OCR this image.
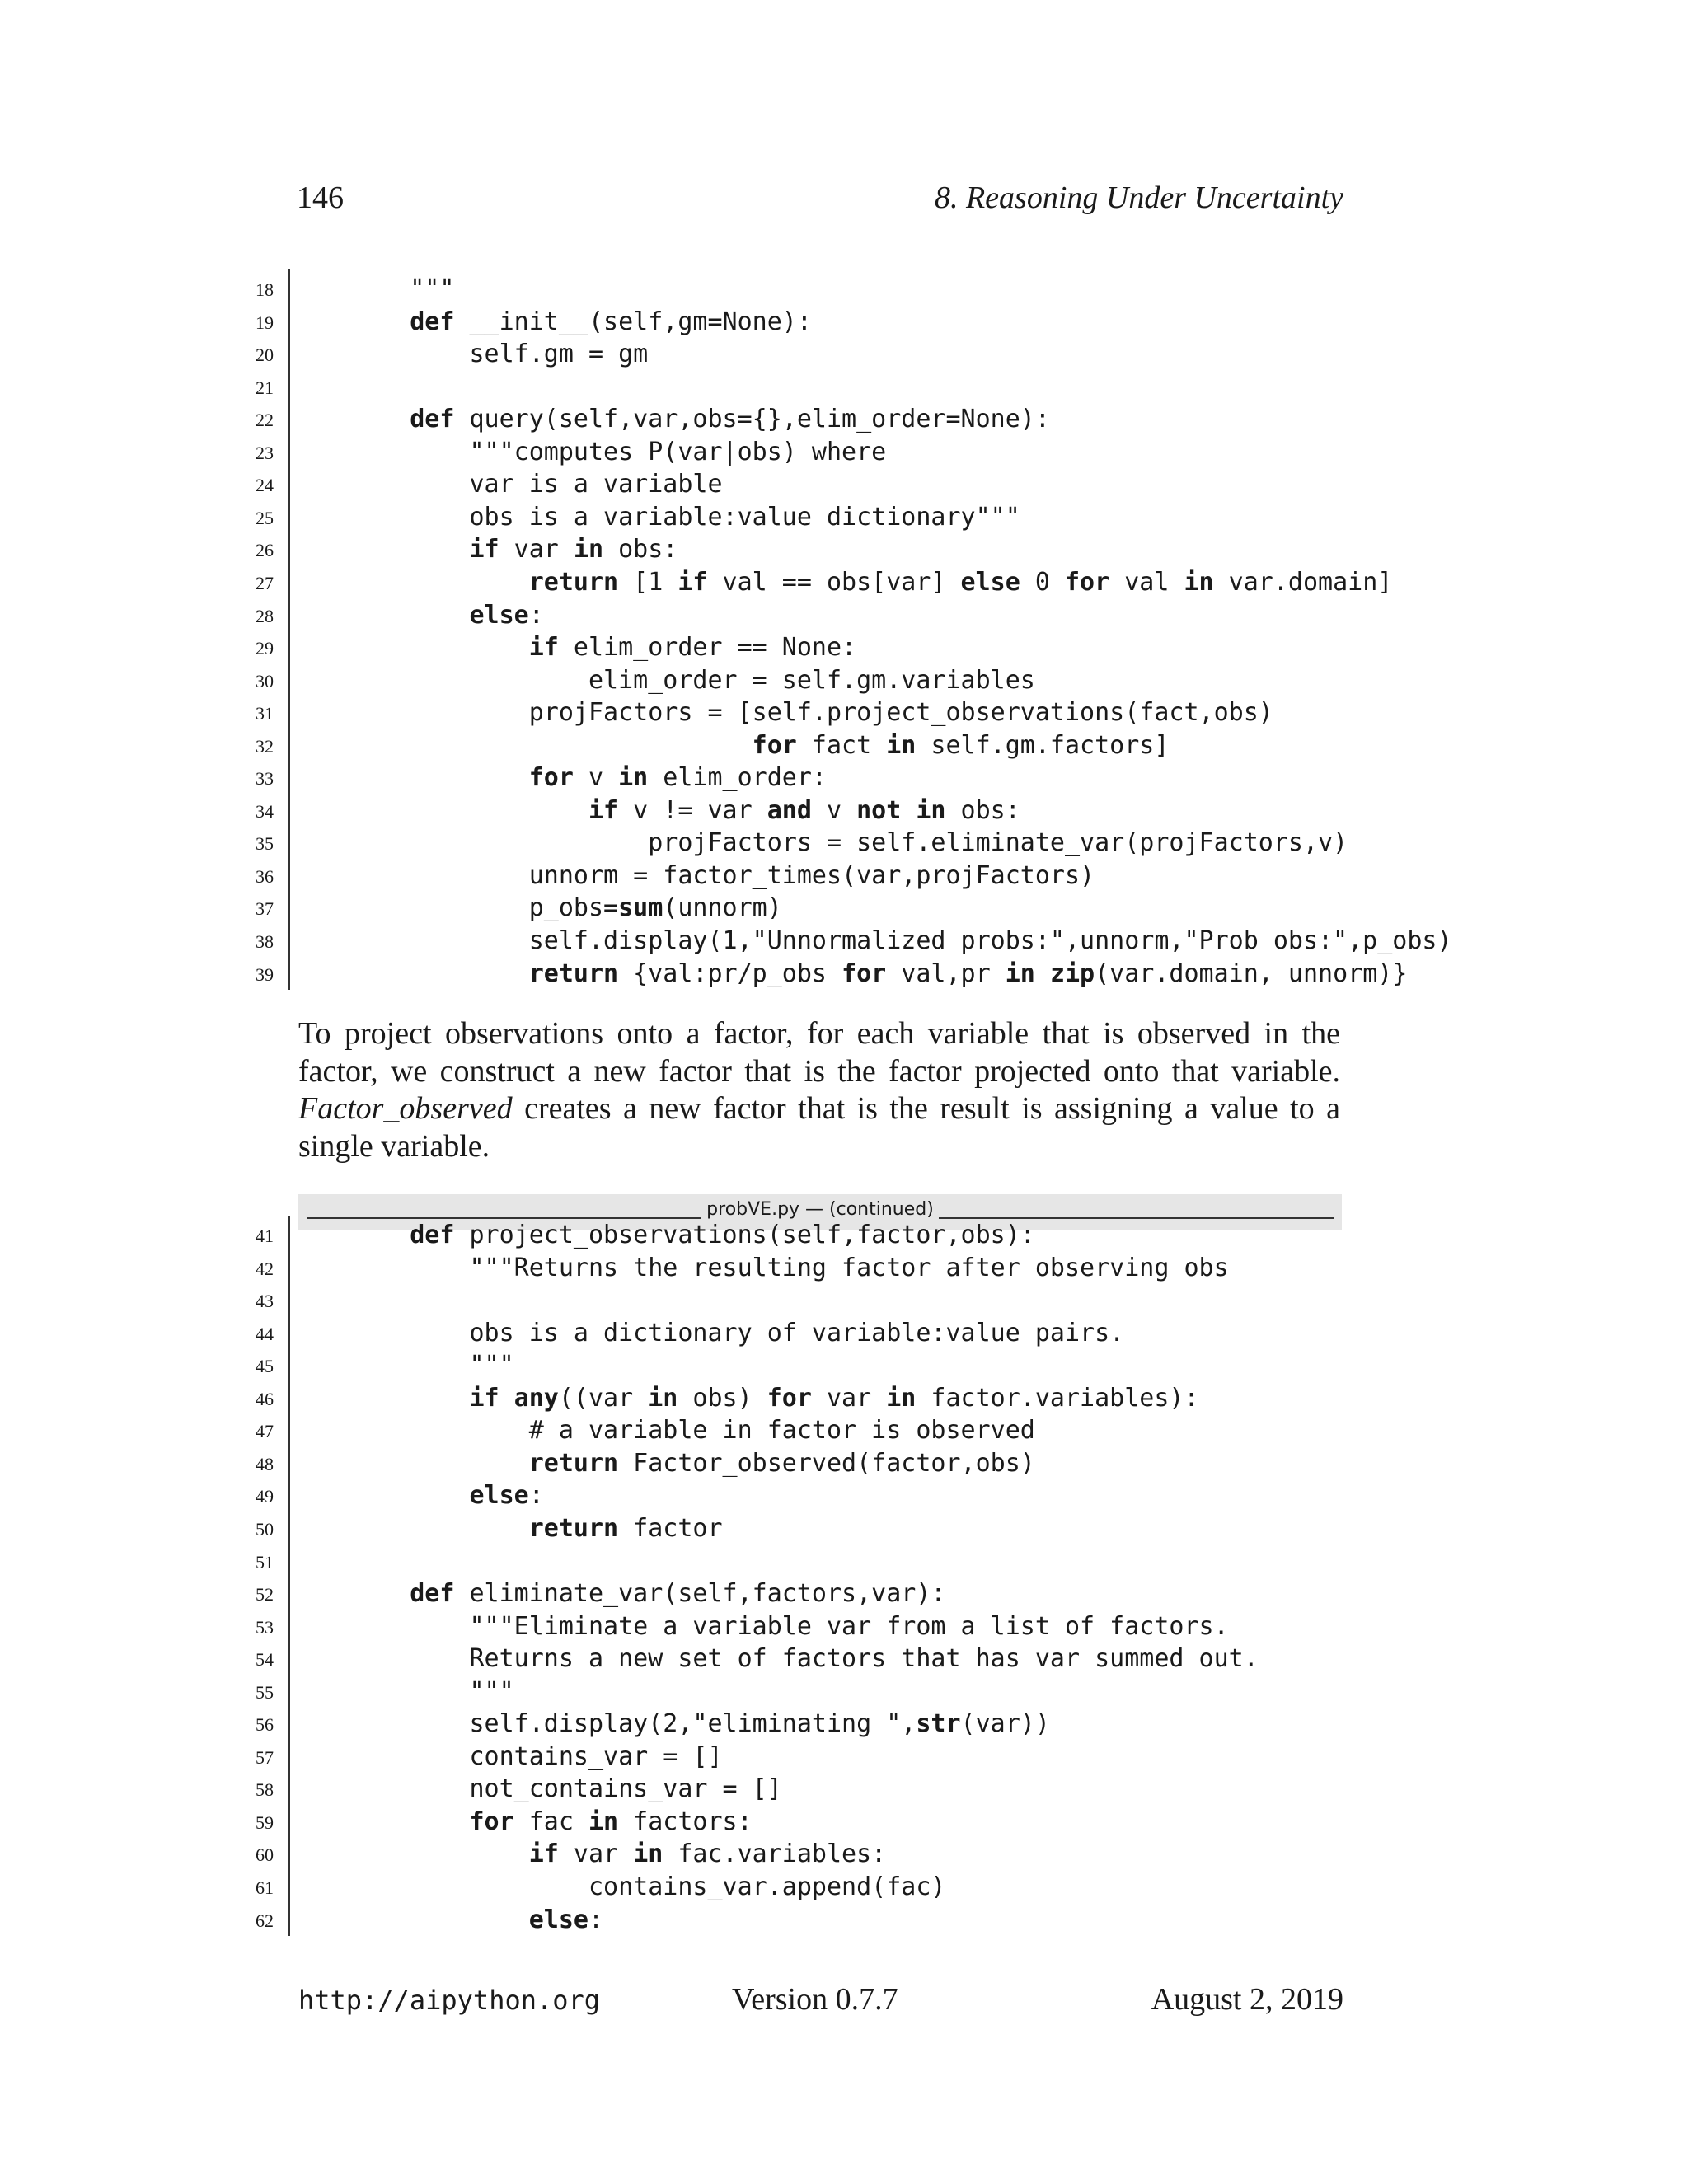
146	8. Reasoning Under Uncertainty
18	"""
19	def __init__(self,gm=None):
20	self.gm = gm
21
22	def query(self,var,obs={},elim_order=None):
23	"""computes P(var|obs) where
24	var is a variable
25	obs is a variable:value dictionary"""
26	if var in obs:
27	return [1 if val == obs[var] else 0 for val in var.domain]
28	else:
29	if elim_order == None:
30	elim_order = self.gm.variables
31	projFactors = [self.project_observations(fact,obs)
32	for fact in self.gm.factors]
33	for v in elim_order:
34	if v != var and v not in obs:
35	projFactors = self.eliminate_var(projFactors,v)
36	unnorm = factor_times(var,projFactors)
37	p_obs=sum(unnorm)
38	self.display(1,"Unnormalized probs:",unnorm,"Prob obs:",p_obs)
39	return {val:pr/p_obs for val,pr in zip(var.domain, unnorm)}
To project observations onto a factor, for each variable that is observed in the
factor, we construct a new factor that is the factor projected onto that variable.
Factor_observed creates a new factor that is the result is assigning a value to a
single variable.
probVE.py — (continued)
41	def project_observations(self,factor,obs):
42	"""Returns the resulting factor after observing obs
43
44	obs is a dictionary of variable:value pairs.
45	"""
46	if any((var in obs) for var in factor.variables):
47	# a variable in factor is observed
48	return Factor_observed(factor,obs)
49	else:
50	return factor
51
52	def eliminate_var(self,factors,var):
53	"""Eliminate a variable var from a list of factors.
54	Returns a new set of factors that has var summed out.
55	"""
56	self.display(2,"eliminating ",str(var))
57	contains_var = []
58	not_contains_var = []
59	for fac in factors:
60	if var in fac.variables:
61	contains_var.append(fac)
62	else:
http://aipython.org	Version 0.7.7	August 2, 2019
